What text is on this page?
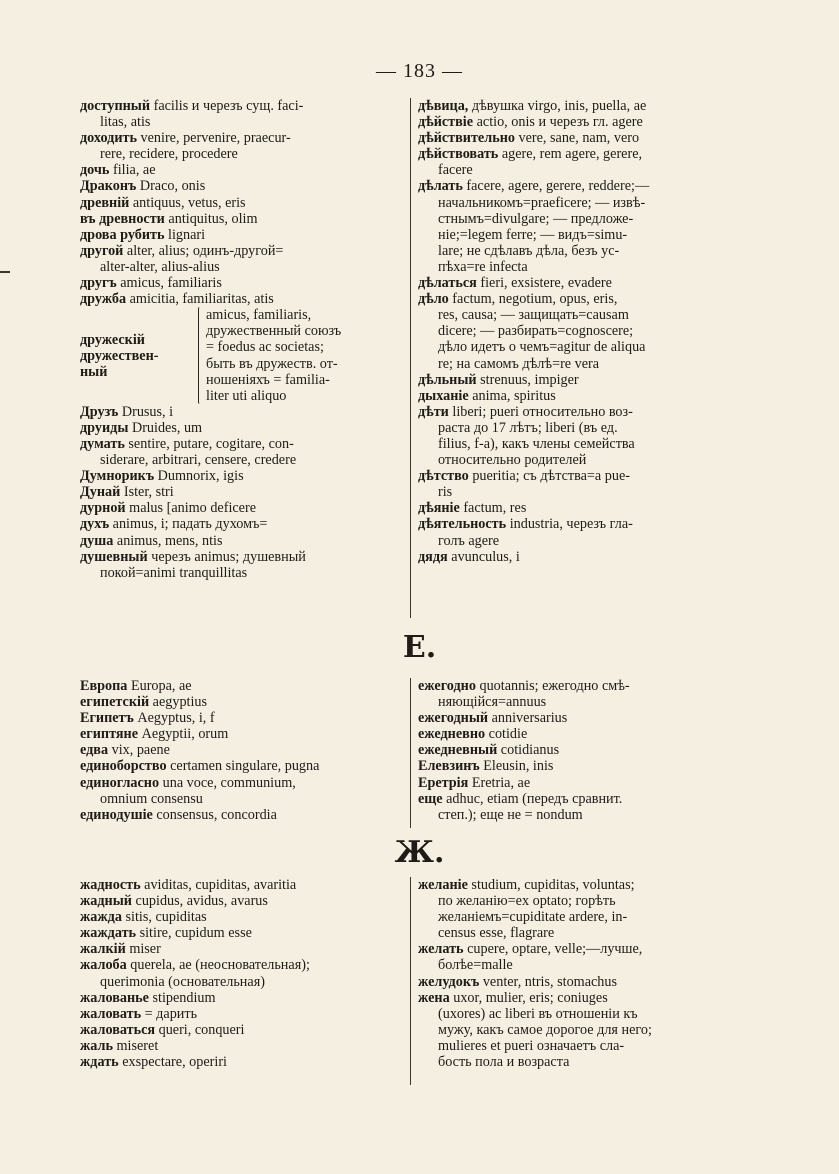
— 183 —
доступный facilis и черезъ сущ. faci-
litas, atis
доходить venire, pervenire, praecur-
rere, recidere, procedere
дочь filia, ae
Драконъ Draco, onis
древній antiquus, vetus, eris
въ древности antiquitus, olim
дрова рубить lignari
другой alter, alius; одинъ-другой=
alter-alter, alius-alius
другъ amicus, familiaris
дружба amicitia, familiaritas, atis
дружескій
дружествен-
ный
amicus, familiaris,
дружественный союзъ
= foedus ac societas;
быть въ дружеств. от-
ношеніяхъ = familia-
liter uti aliquo
Друзъ Drusus, i
друиды Druides, um
думать sentire, putare, cogitare, con-
siderare, arbitrari, censere, credere
Думнорикъ Dumnorix, igis
Дунай Ister, stri
дурной malus [animo deficere
духъ animus, i; падать духомъ=
душа animus, mens, ntis
душевный черезъ animus; душевный
покой=animi tranquillitas
дѣвица, дѣвушка virgo, inis, puella, ae
дѣйствіе actio, onis и черезъ гл. agere
дѣйствительно vere, sane, nam, vero
дѣйствовать agere, rem agere, gerere,
facere
дѣлать facere, agere, gerere, reddere;—
начальникомъ=praeficere; — извѣ-
стнымъ=divulgare; — предложе-
ніе;=legem ferre; — видъ=simu-
lare; не сдѣлавъ дѣла, безъ ус-
пѣха=re infecta
дѣлаться fieri, exsistere, evadere
дѣло factum, negotium, opus, eris,
res, causa; — защищать=causam
dicere; — разбирать=cognoscere;
дѣло идетъ о чемъ=agitur de aliqua
re; на самомъ дѣлѣ=re vera
дѣльный strenuus, impiger
дыханіе anima, spiritus
дѣти liberi; pueri относительно воз-
раста до 17 лѣтъ; liberi (въ ед.
filius, f-a), какъ члены семейства
относительно родителей
дѣтство pueritia; съ дѣтства=a pue-
ris
дѣяніе factum, res
дѣятельность industria, черезъ гла-
голъ agere
дядя avunculus, i
Е.
Европа Europa, ae
египетскій aegyptius
Египетъ Aegyptus, i, f
египтяне Aegyptii, orum
едва vix, paene
единоборство certamen singulare, pugna
единогласно una voce, communium,
omnium consensu
единодушіе consensus, concordia
ежегодно quotannis; ежегодно смѣ-
няющійся=annuus
ежегодный anniversarius
ежедневно cotidie
ежедневный cotidianus
Елевзинъ Eleusin, inis
Еретрія Eretria, ae
еще adhuc, etiam (передъ сравнит.
степ.); еще не = nondum
Ж.
жадность aviditas, cupiditas, avaritia
жадный cupidus, avidus, avarus
жажда sitis, cupiditas
жаждать sitire, cupidum esse
жалкій miser
жалоба querela, ae (неосновательная);
querimonia (основательная)
жалованье stipendium
жаловать = дарить
жаловаться queri, conqueri
жаль miseret
ждать exspectare, operiri
желаніе studium, cupiditas, voluntas;
по желанію=ex optato; горѣть
желаніемъ=cupiditate ardere, in-
census esse, flagrare
желать cupere, optare, velle;—лучше,
болѣе=malle
желудокъ venter, ntris, stomachus
жена uxor, mulier, eris; coniuges
(uxores) ac liberi въ отношеніи къ
мужу, какъ самое дорогое для него;
mulieres et pueri означаетъ сла-
бость пола и возраста
